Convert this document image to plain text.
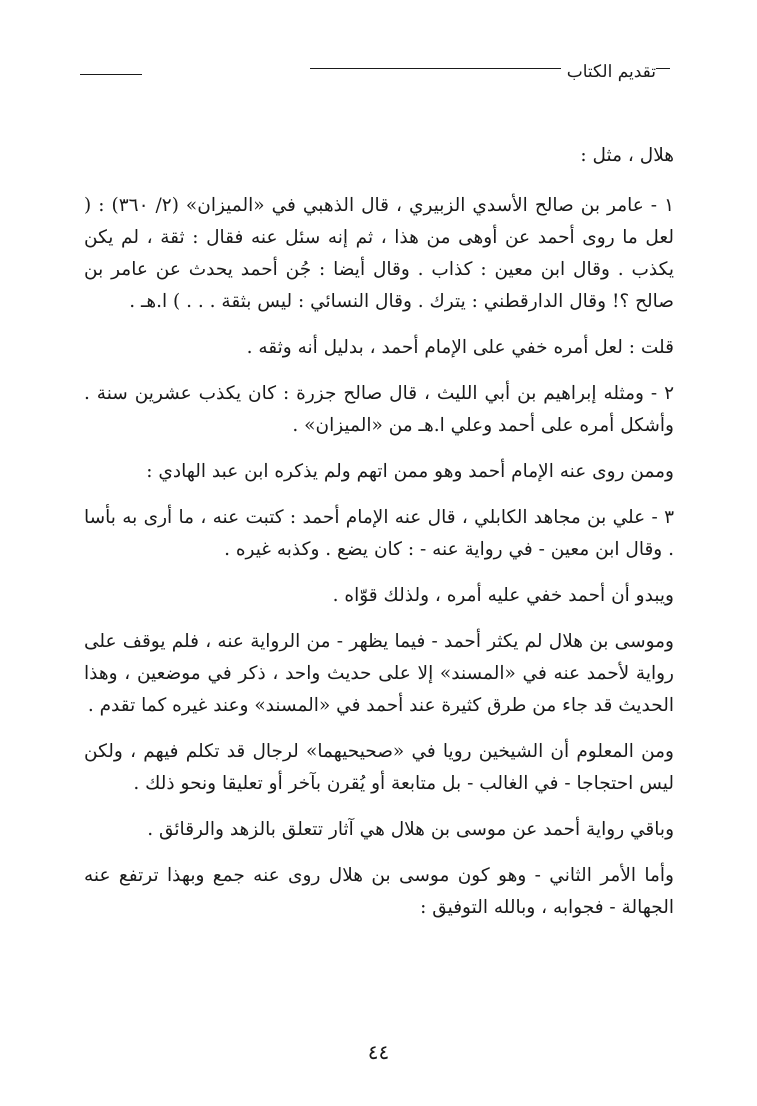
تقديم الكتاب

هلال ، مثل :

١ - عامر بن صالح الأسدي الزبيري ، قال الذهبي في «الميزان» (٢/ ٣٦٠) : ( لعل ما روى أحمد عن أوهى من هذا ، ثم إنه سئل عنه فقال : ثقة ، لم يكن يكذب . وقال ابن معين : كذاب . وقال أيضا : جُن أحمد يحدث عن عامر بن صالح ؟! وقال الدارقطني : يترك . وقال النسائي : ليس بثقة . . . ) ا.هـ .

قلت : لعل أمره خفي على الإمام أحمد ، بدليل أنه وثقه .

٢ - ومثله إبراهيم بن أبي الليث ، قال صالح جزرة : كان يكذب عشرين سنة . وأشكل أمره على أحمد وعلي ا.هـ من «الميزان» .

وممن روى عنه الإمام أحمد وهو ممن اتهم ولم يذكره ابن عبد الهادي :

٣ - علي بن مجاهد الكابلي ، قال عنه الإمام أحمد : كتبت عنه ، ما أرى به بأسا . وقال ابن معين - في رواية عنه - : كان يضع . وكذبه غيره .

ويبدو أن أحمد خفي عليه أمره ، ولذلك قوّاه .

وموسى بن هلال لم يكثر أحمد - فيما يظهر - من الرواية عنه ، فلم يوقف على رواية لأحمد عنه في «المسند» إلا على حديث واحد ، ذكر في موضعين ، وهذا الحديث قد جاء من طرق كثيرة عند أحمد في «المسند» وعند غيره كما تقدم .

ومن المعلوم أن الشيخين رويا في «صحيحيهما» لرجال قد تكلم فيهم ، ولكن ليس احتجاجا - في الغالب - بل متابعة أو يُقرن بآخر أو تعليقا ونحو ذلك .

وباقي رواية أحمد عن موسى بن هلال هي آثار تتعلق بالزهد والرقائق .

وأما الأمر الثاني - وهو كون موسى بن هلال روى عنه جمع وبهذا ترتفع عنه الجهالة - فجوابه ، وبالله التوفيق :

٤٤
